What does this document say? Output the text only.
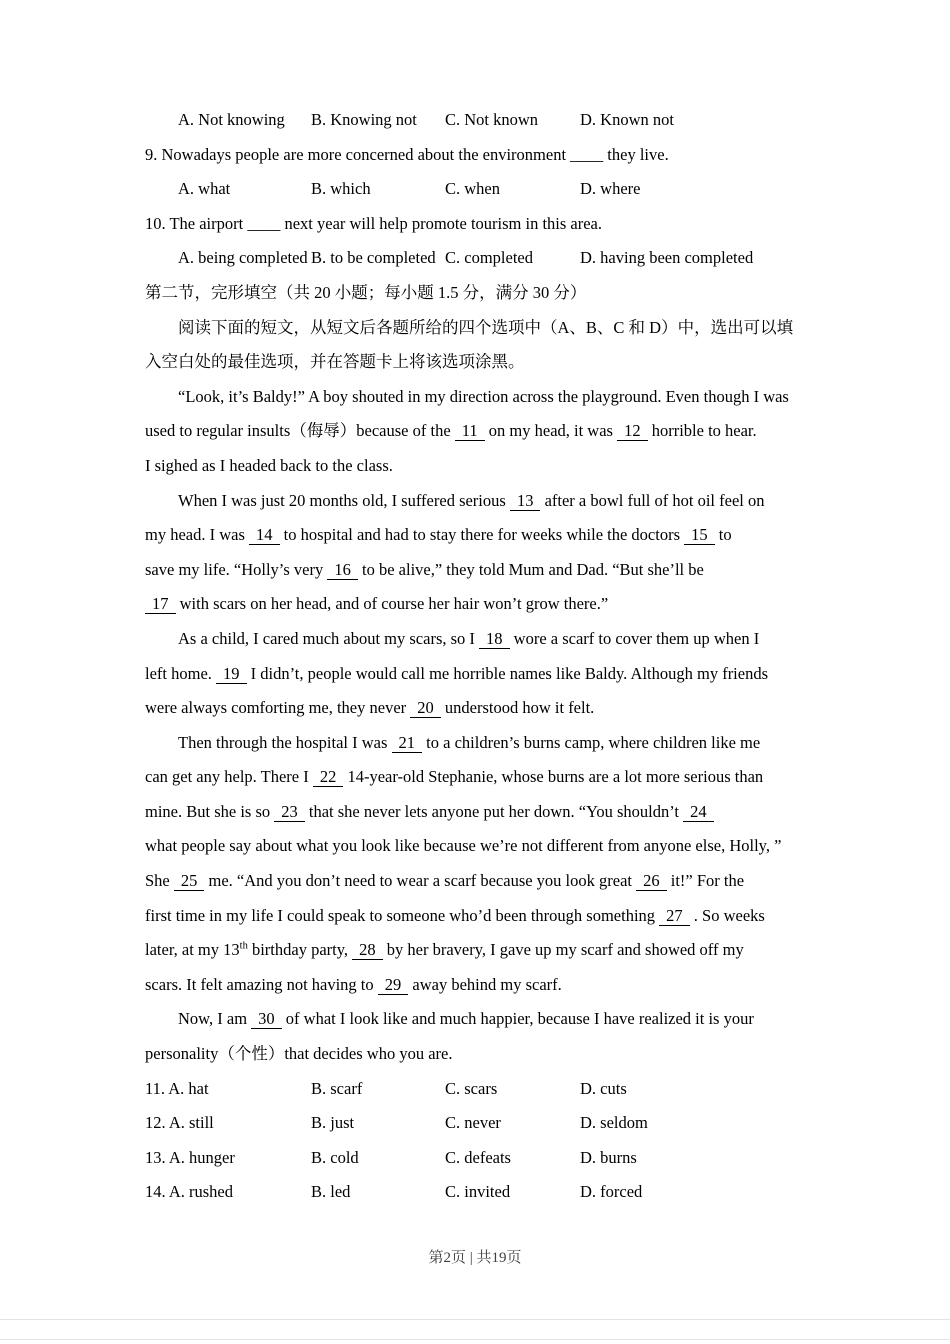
A. Not knowing	B. Knowing not	C. Not known	D. Known not
9. Nowadays people are more concerned about the environment ____ they live.
A. what	B. which	C. when	D. where
10. The airport ____ next year will help promote tourism in this area.
A. being completed B. to be completed C. completed	D. having been completed
第二节，完形填空（共 20 小题；每小题 1.5 分，满分 30 分）
阅读下面的短文，从短文后各题所给的四个选项中（A、B、C 和 D）中，选出可以填
入空白处的最佳选项，并在答题卡上将该选项涂黑。
“Look, it’s Baldy!” A boy shouted in my direction across the playground. Even though I was
used to regular insults（侮辱）because of the 11 on my head, it was 12 horrible to hear.
I sighed as I headed back to the class.
When I was just 20 months old, I suffered serious 13 after a bowl full of hot oil feel on
my head. I was 14 to hospital and had to stay there for weeks while the doctors 15 to
save my life. “Holly’s very 16 to be alive,” they told Mum and Dad. “But she’ll be
17 with scars on her head, and of course her hair won’t grow there.”
As a child, I cared much about my scars, so I 18 wore a scarf to cover them up when I
left home. 19 I didn’t, people would call me horrible names like Baldy. Although my friends
were always comforting me, they never 20 understood how it felt.
Then through the hospital I was 21 to a children’s burns camp, where children like me
can get any help. There I 22 14-year-old Stephanie, whose burns are a lot more serious than
mine. But she is so 23 that she never lets anyone put her down. “You shouldn’t 24
what people say about what you look like because we’re not different from anyone else, Holly, ”
She 25 me. “And you don’t need to wear a scarf because you look great 26 it!” For the
first time in my life I could speak to someone who’d been through something 27 . So weeks
later, at my 13th birthday party, 28 by her bravery, I gave up my scarf and showed off my
scars. It felt amazing not having to 29 away behind my scarf.
Now, I am 30 of what I look like and much happier, because I have realized it is your
personality（个性）that decides who you are.
11. A. hat	B. scarf	C. scars	D. cuts
12. A. still	B. just	C. never	D. seldom
13. A. hunger	B. cold	C. defeats	D. burns
14. A. rushed	B. led	C. invited	D. forced
第2页 | 共19页
